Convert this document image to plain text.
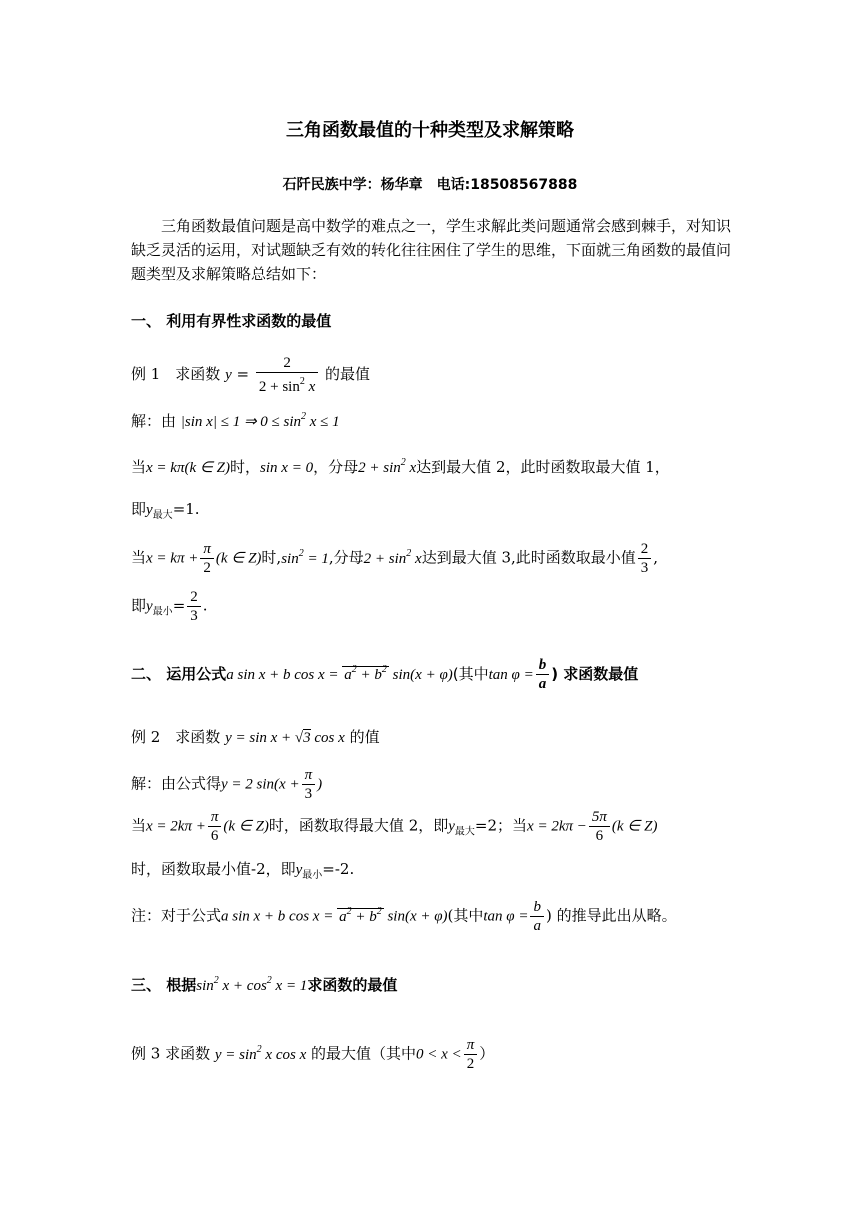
三角函数最值的十种类型及求解策略
石阡民族中学：杨华章　电话:18508567888
三角函数最值问题是高中数学的难点之一，学生求解此类问题通常会感到棘手，对知识缺乏灵活的运用，对试题缺乏有效的转化往往困住了学生的思维，下面就三角函数的最值问题类型及求解策略总结如下：
一、 利用有界性求函数的最值
例 1　求函数 $y = \frac{2}{2 + \sin^2 x}$ 的最值
解：由 |sin x| ≤ 1 ⇒ $0 \le \sin^2 x \le 1$
当x = kπ(k ∈ Z)时，sin x = 0，分母$2 + \sin^2 x$达到最大值 2，此时函数取最大值 1，
即$y_{最大}=1$.
当$x = k\pi + \frac{\pi}{2} (k$ ∈ Z)时$,\sin^2 = 1$,分母$2 + \sin^2 x$达到最大值 3,此时函数取最小值 $\frac{2}{3}$ ,
即$y_{最小}= \frac{2}{3}$ .
二、 运用公式a sin x + b $\cos x = a^2 + b^2$ sin(x + φ)(其中$\tan \varphi = \frac{b}{a}$ ) 求函数最值
例 2　求函数 y = sin x + √3 cos x 的值
解：由公式得y = 2 $\sin(x + \frac{\pi}{3}$ )
当$x = 2k\pi + \frac{\pi}{6} (k$ ∈ Z)时，函数取得最大值 2，即$y_{最大}=2$；当$x = 2k\pi - \frac{5\pi}{6} (k$ ∈ Z)
时，函数取最小值-2，即$y_{最小}=-2$.
注：对于公式a sin x + b $\cos x = a^2 + b^2$ sin(x + φ)(其中$\tan \varphi = \frac{b}{a}$ ) 的推导此出从略。
三、 根据$\sin^2 x + \cos^2 x = 1$求函数的最值
例 3 求函数 $y = \sin^2 x$ cos x 的最大值（其中$0 < x < \frac{\pi}{2}$ ）
